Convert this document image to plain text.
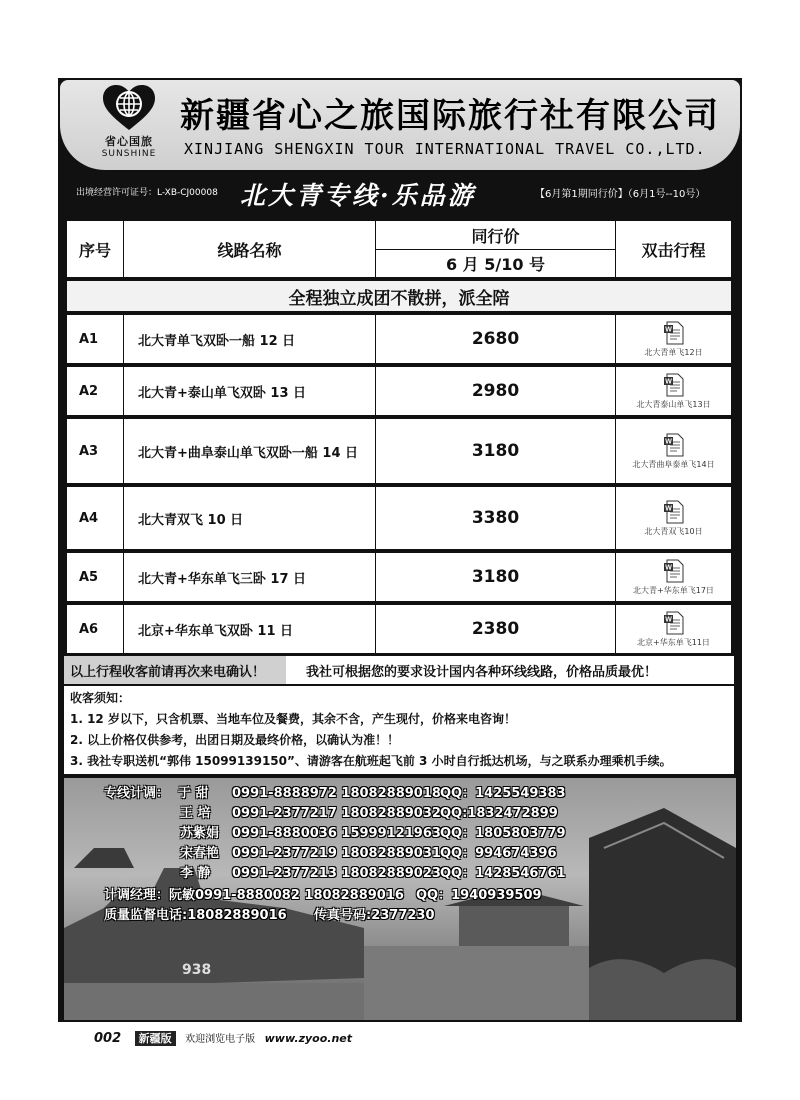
省心国旅
SUNSHINE
新疆省心之旅国际旅行社有限公司
XINJIANG SHENGXIN TOUR INTERNATIONAL TRAVEL CO.,LTD.
出境经营许可证号：L-XB-CJ00008 北大青专线·乐品游	【6月第1期同行价】（6月1号--10号）
序号	线路名称
同行价
6 月 5/10 号
双击行程
全程独立成团不散拼，派全陪
A1	北大青单飞双卧一船 12 日	2680	W
北大青单飞12日
A2	北大青+泰山单飞双卧 13 日	2980	W
北大青泰山单飞13日
A3	北大青+曲阜泰山单飞双卧一船 14 日	3180	W
北大青曲阜泰单飞14日
A4	北大青双飞 10 日	3380	W
北大青双飞10日
A5	北大青+华东单飞三卧 17 日	3180	W
北大青+华东单飞17日
A6	北京+华东单飞双卧 11 日	2380	W
北京+华东单飞11日
以上行程收客前请再次来电确认！	我社可根据您的要求设计国内各种环线线路，价格品质最优！
收客须知：
1. 12 岁以下，只含机票、当地车位及餐费，其余不含，产生现付，价格来电咨询！
2. 以上价格仅供参考，出团日期及最终价格，以确认为准！！
3. 我社专职送机“郭伟 15099139150”、请游客在航班起飞前 3 小时自行抵达机场，与之联系办理乘机手续。
938
专线计调： 于 甜 0991-8888972 18082889018 QQ：1425549383
王 培 0991-2377217 18082889032 QQ:1832472899
苏紫娟 0991-8880036 15999121963 QQ：1805803779
宋春艳 0991-2377219 18082889031 QQ：994674396
李 静 0991-2377213 18082889023 QQ：1428546761
计调经理：阮敏0991-8880082 18082889016 QQ：1940939509
质量监督电话:18082889016 传真号码:2377230
002 新疆版 欢迎浏览电子版 www.zyoo.net
